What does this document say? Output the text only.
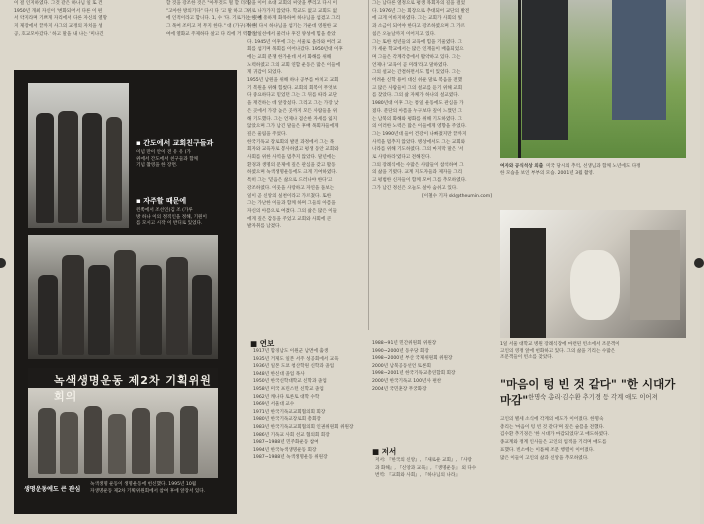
이 걸 인지하였다. 그것 같은 하나님 일 또 건

1950년 개최 자신이 '변화되어서 다른 이 편

서 약지라며 기쁘게 자리에서 다른 자신의 열망

지 제장에서 끝까지 사그의 교정의 자치을 성

공, 호교모아갔다.' 하고 말을 내 나는 '미나긴

▪ 간도에서 교회친구들과
이념 만이 안이 전 유 유 (가
위에서 간도에서 친구들과 함께
기념 촬영을 한 장면.
▪ 자주할 때문에
왼쪽에서 조선인(김 조 (가루
방 하나 이의 정직인을 정해, 기원이
를 모시고 시작 이 반디로 있었다.
녹색생명운동 제2차 기획위원회의
생명운동에도 큰 관심
녹색생명 운동이 생명운동에 헌신했다. 1995년 10월
자생명운동 제2차 기획위원회에서 참여 후에 앞장서 있다.

할 것을 강조한 것은 "아무것도 떨 할 더러

"고아한 방의기다" 다시 다 '고 말 하고 그

에 인적이라고 합니다. 1, 수 '다. 기로가는 한 천

그 목여 조미고 저 무지 한다." 대 (가구)가 한

여에 열화교 주제하다 살고 다 리에 거 역할 날

꿈을 이어 초대 교회의 씨앗을 뿌리고 다시 이

위로 나가가지 않았다. 학교도 없고 교회도 없

는 곳에 흥하게 화목하여 하나님을 섬겼고 그리

하 저 다시 하나님을 섬기는 가운데 영원한 교

동안 일선에서 물러나 후진 양성에 힘을 쏟았

다. 1945년 이후에 그는 서울로 올라와 여러 교

회를 섬기며 목회를 이어나갔다. 1950년대 이후

에는 교회 분쟁 한가운데 서서 화해를 위해

노력하였고 그의 교회 연합 운동은 많은 이들에

게 귀감이 되었다.

1955년 남원을 위해 하나 공부를 마치고 교회

기 복원을 위해 힘썼다. 교회의 회복이 무엇보

다 중요하다고 믿었던 그는 그 뒤를 따라 교단

을 재건하는 데 앞장섰다. 그리고 그는 가장 낮

은 곳에서 가장 높은 곳까지 모든 사람들을 위

해 기도했다. 그는 언제나 겸손한 자세를 잃지

않았으며 그가 남긴 말들은 후배 목회자들에게

깊은 울림을 주었다.

한국기독교 장로회의 발전 과정에서 그는 목

회자와 교육자로 봉사하였고 평생 동안 교회와

사회를 위한 사역을 멈추지 않았다. 말년에는

환경과 생명의 문제에 깊은 관심을 갖고 활동

하였으며 녹색생명운동에도 크게 기여하였다.

특히 그는 '믿음은 삶으로 드러나야 한다'고

강조하였다. 이웃을 사랑하고 자연을 돌보는

일이 곧 신앙의 실천이라고 가르쳤다. 또한

그는 가난한 이들과 함께 하며 그들의 아픔을

자신의 아픔으로 여겼다. 그의 삶은 많은 이들

에게 깊은 감동을 주었고 교회와 사회에 큰

발자취를 남겼다.

그는 남다른 열정으로 평생 목회자의 길을 걸었

다. 1976년 그는 회장으로 추대되어 교단의 발전

에 크게 이바지하였다. 그는 교회가 사회의 빛

과 소금이 되어야 한다고 강조하였으며 그 가르

침은 오늘날까지 이어지고 있다.

그는 또한 청년들의 교육에 힘을 기울였다. 그

가 세운 학교에서는 많은 인재들이 배출되었으

며 그들은 각계각층에서 활약하고 있다. 그는

언제나 '교육이 곧 미래'라고 말하였다.

그의 설교는 간결하면서도 힘이 있었다. 그는

어려운 신학 용어 대신 쉬운 말로 복음을 전했

고 많은 사람들이 그의 설교를 듣기 위해 교회

를 찾았다. 그의 삶 자체가 하나의 설교였다.

1980년대 이후 그는 통일 운동에도 관심을 가

졌다. 분단의 아픔을 누구보다 깊이 느꼈던 그

는 남북의 화해와 평화를 위해 기도하였다. 그

의 이러한 노력은 많은 이들에게 영향을 주었다.

그는 1990년대 들어 건강이 나빠졌지만 끝까지

사역을 멈추지 않았다. 병상에서도 그는 교회와

나라를 위해 기도하였다. 그의 마지막 말은 '서

로 사랑하라'였다고 전해진다.

그의 장례식에는 수많은 사람들이 참석하여 그

의 삶을 기렸다. 교계 지도자들과 제자들 그리

고 평범한 신자들이 함께 모여 그를 추모하였다.

그가 남긴 정신은 오늘도 살아 숨쉬고 있다.

[이철수 기자 skl@theumin.com]

■ 연보

1917년 함경남도 이원군 남면에 출생

1935년 거제도 일본 서주 성공회에서 교육

1936년 일본 도쿄 청산학원 신학과 졸업

1948년 한신대 졸업 목사

1950년 한국신학대학교 신학과 졸업

1958년 미국 프린스턴 신학교 졸업

1962년 캐나다 토론토 대학 수학

1969년 서울대 교수

1971년 한국기독교교회협의회 회장

1980년 한국기독교장로회 총회장

1983년 한국기독교교회협의회 인권위원회 위원장

1986년 기독교 사회 선교 협의회 회장

1987~1988년 민주화운동 참여

1994년 한국녹색생명운동 회장

1987~1988년 녹색생명운동 위원장

1988~91년 민간위원회 위원장

1990~2000년 동우당 회장

1998~2000년 부산 국제위원회 위원장

2000년 남북공동선언 토론회

1998~2001년 한국기독교총연합회 회장

2000년 한국기독교 100년사 편찬

2004년 국민훈장 무궁화장

■ 저서

저서: 『한국의 신앙』, 『새로운 교회』, 『사랑

과 화해』, 『신앙과 교육』, 『생명운동』 외 다수

번역: 『교회와 사회』, 『하나님의 나라』

여자와 공식석상 외출 미국 당시의 추억, 선생님과 함께 노년에도 다정
한 모습을 보인 부부의 모습. 2001년 3월 촬영.
1일 서울 대학교 병원 장례식장에 마련된 빈소에서 조문객이
고인의 영정 앞에 헌화하고 있다. 그의 삶을 기리는 수많은
조문객들이 빈소를 찾았다.
"마음이 텅 빈 것 같다" "한 시대가 마감" 한명숙 총리·김수환 추기경 등 각계 애도 이어져

고인의 별세 소식에 각계의 애도가 이어졌다. 한명숙

총리는 '마음이 텅 빈 것 같다'며 깊은 슬픔을 전했다.

김수환 추기경은 '한 시대가 마감되었다'고 애도하였다.

종교계와 정계 인사들은 고인의 업적을 기리며 애도를

표했다. 빈소에는 이틀째 조문 행렬이 이어졌다.

많은 이들이 고인의 삶과 신앙을 추모하였다.
